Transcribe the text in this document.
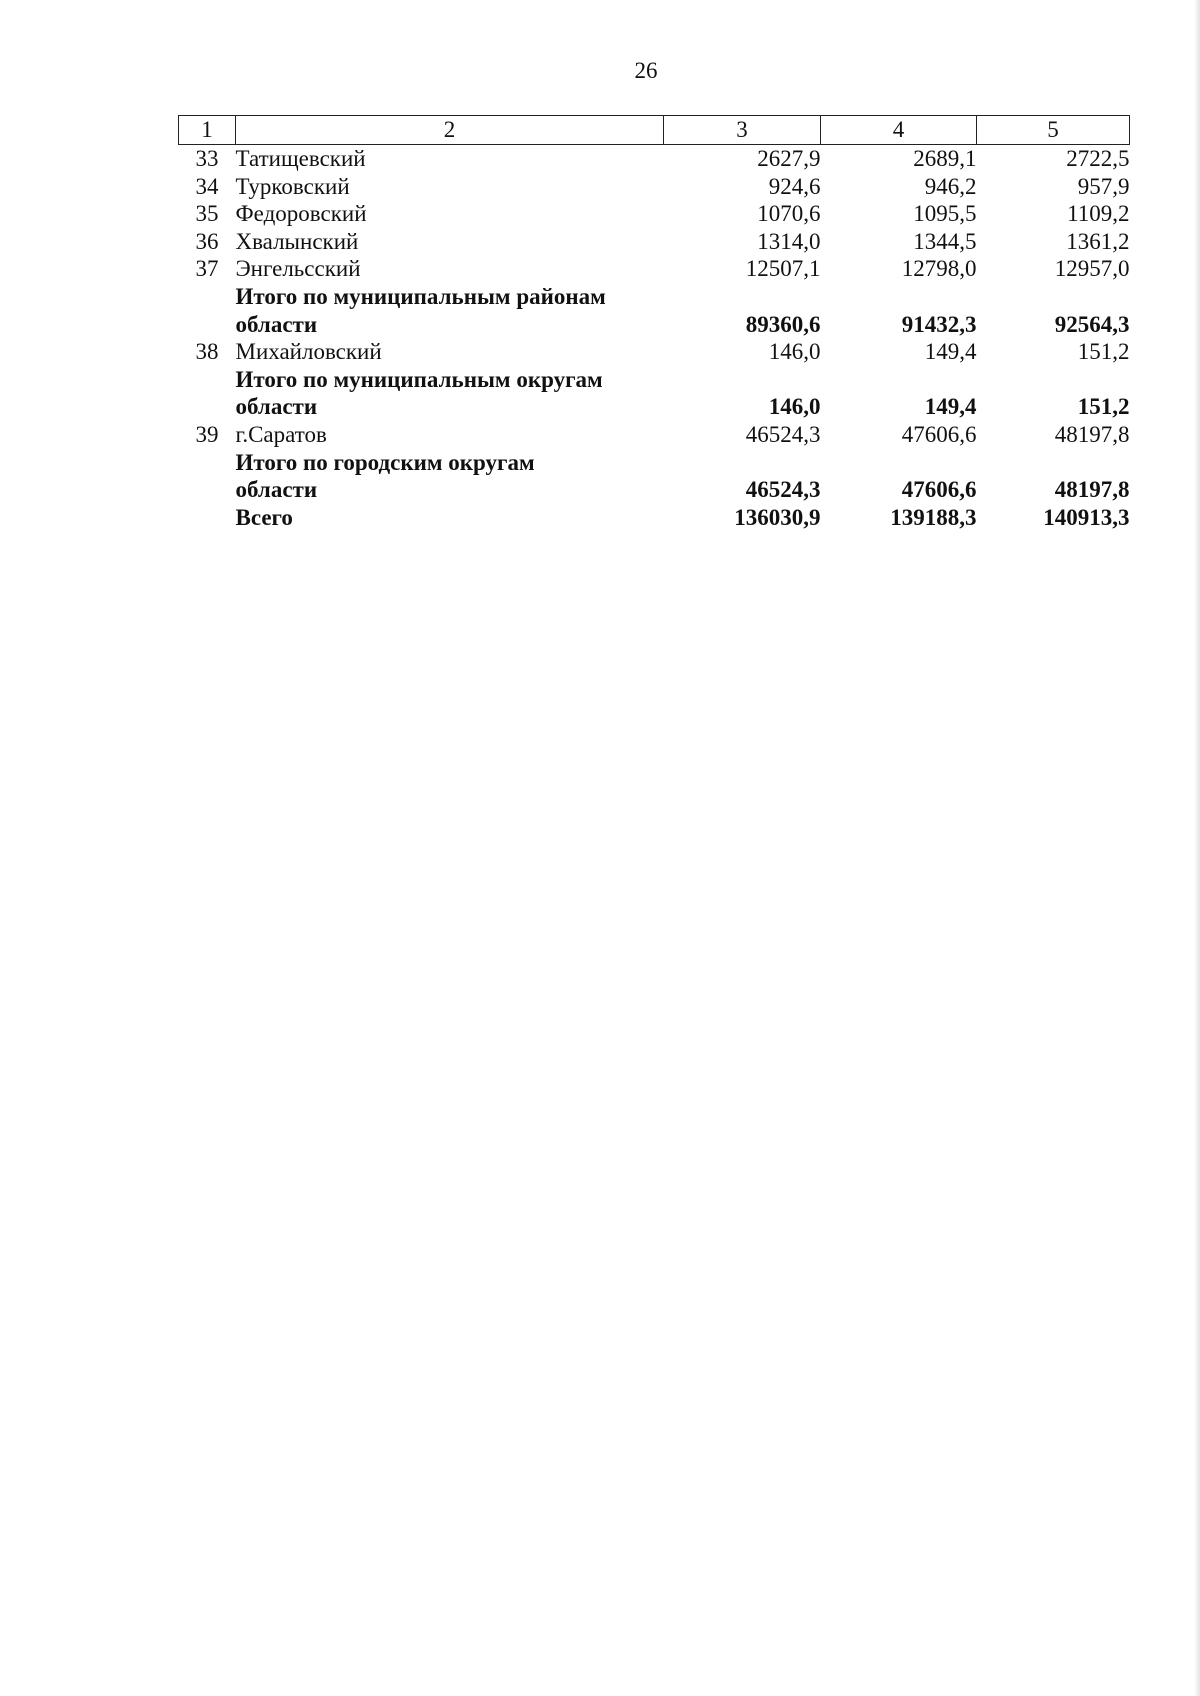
26
1	2	3	4	5
33	Татищевский	2627,9	2689,1	2722,5
34	Турковский	924,6	946,2	957,9
35	Федоровский	1070,6	1095,5	1109,2
36	Хвалынский	1314,0	1344,5	1361,2
37	Энгельсский	12507,1	12798,0	12957,0
	Итого по муниципальным районам			
	области	89360,6	91432,3	92564,3
38	Михайловский	146,0	149,4	151,2
	Итого по муниципальным округам			
	области	146,0	149,4	151,2
39	г.Саратов	46524,3	47606,6	48197,8
	Итого по городским округам			
	области	46524,3	47606,6	48197,8
	Всего	136030,9	139188,3	140913,3
